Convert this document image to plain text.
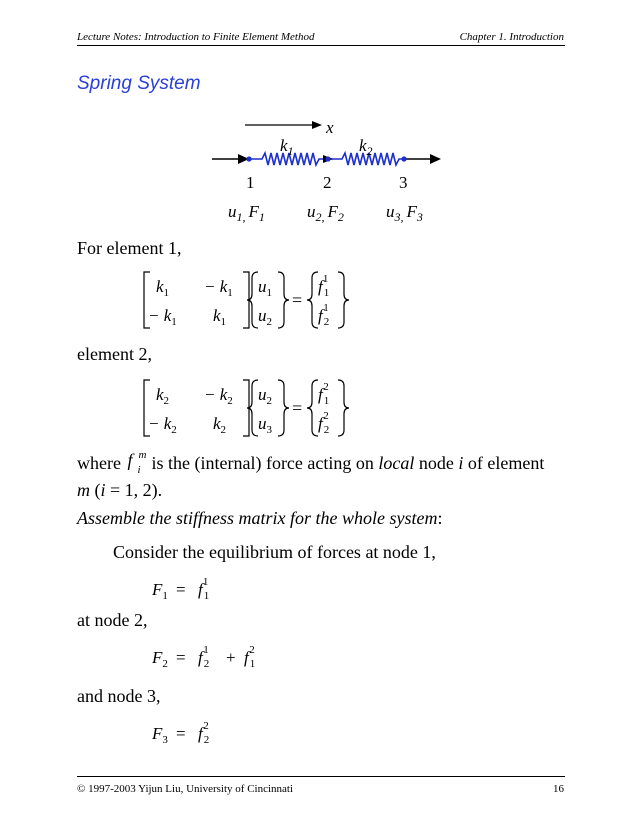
Lecture Notes: Introduction to Finite Element Method	Chapter 1. Introduction
Spring System
x
$k_1$	$k_2$
1	2	3
$u_{1,}$ $F_1$ $u_{2,}$ $F_2$ $u_{3,}$ $F_3$
For element 1,
$k_1 - k_1$
− $k_1$ $k_1$
$u_1$
$u_2$
=
$f_11$
$f_21$
element 2,
$k_2 - k_2$
− $k_2$ $k_2$
$u_2$
$u_3$
=
$f_12$
$f_22$
where f i
m is the (internal) force acting on local node i of element
m (i = 1, 2).
Assemble the stiffness matrix for the whole system:
Consider the equilibrium of forces at node 1,
$F_1 = f_11$
at node 2,
$F_2 = f_21 + f_12$
and node 3,
$F_3 = f_22$
© 1997-2003 Yijun Liu, University of Cincinnati	16
